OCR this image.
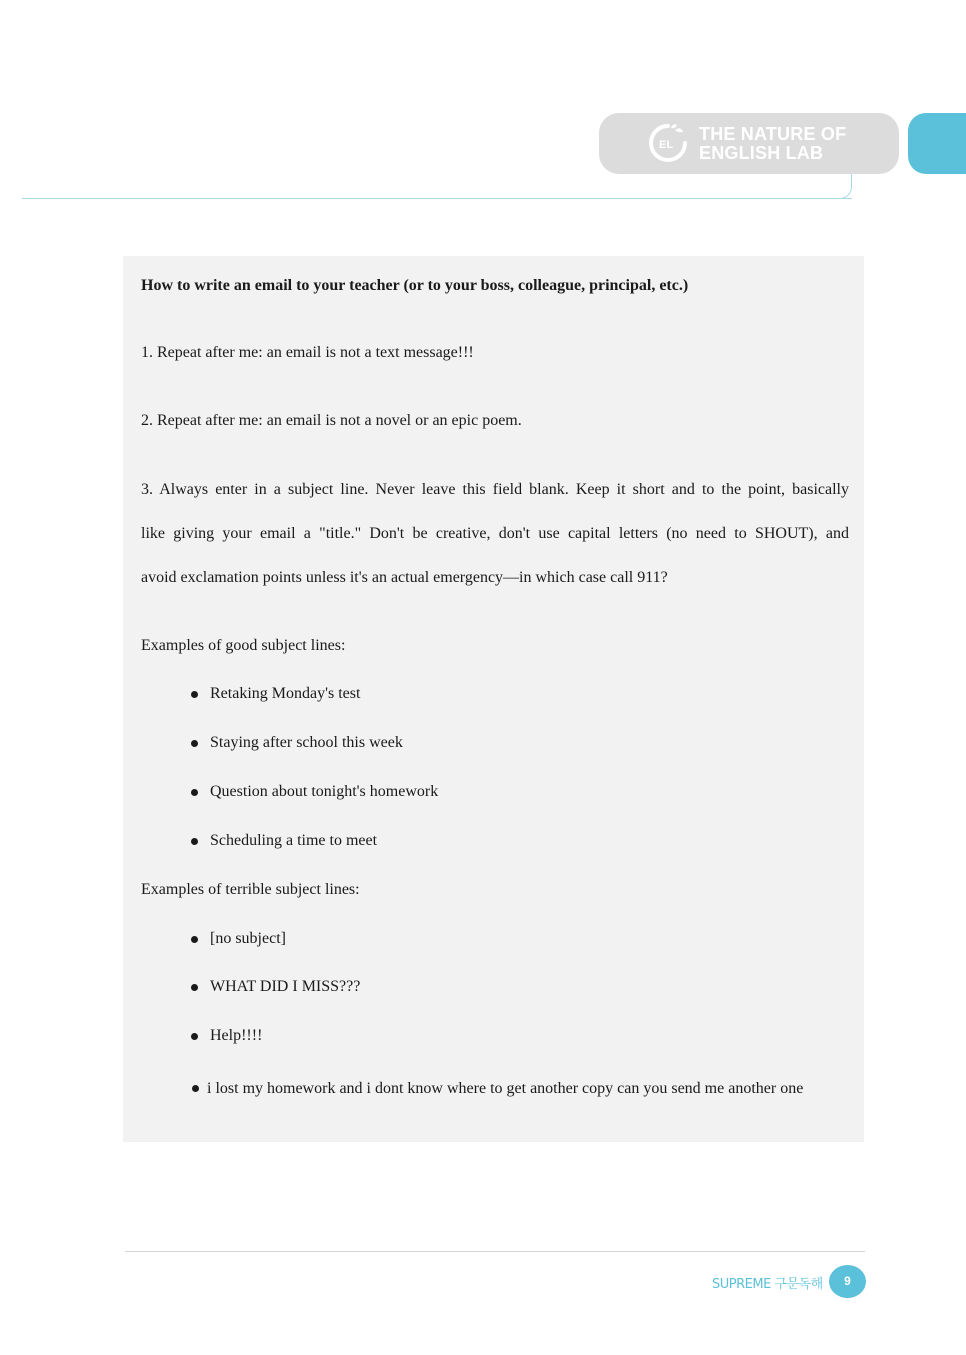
EL
THE NATURE OF
ENGLISH LAB
How to write an email to your teacher (or to your boss, colleague, principal, etc.)
1. Repeat after me: an email is not a text message!!!
2. Repeat after me: an email is not a novel or an epic poem.
3. Always enter in a subject line. Never leave this field blank. Keep it short and to the point, basically
like giving your email a "title." Don't be creative, don't use capital letters (no need to SHOUT), and
avoid exclamation points unless it's an actual emergency—in which case call 911?
Examples of good subject lines:
Retaking Monday's test
Staying after school this week
Question about tonight's homework
Scheduling a time to meet
Examples of terrible subject lines:
[no subject]
WHAT DID I MISS???
Help!!!!
i lost my homework and i dont know where to get another copy can you send me another one
SUPREME 구문독해	9
